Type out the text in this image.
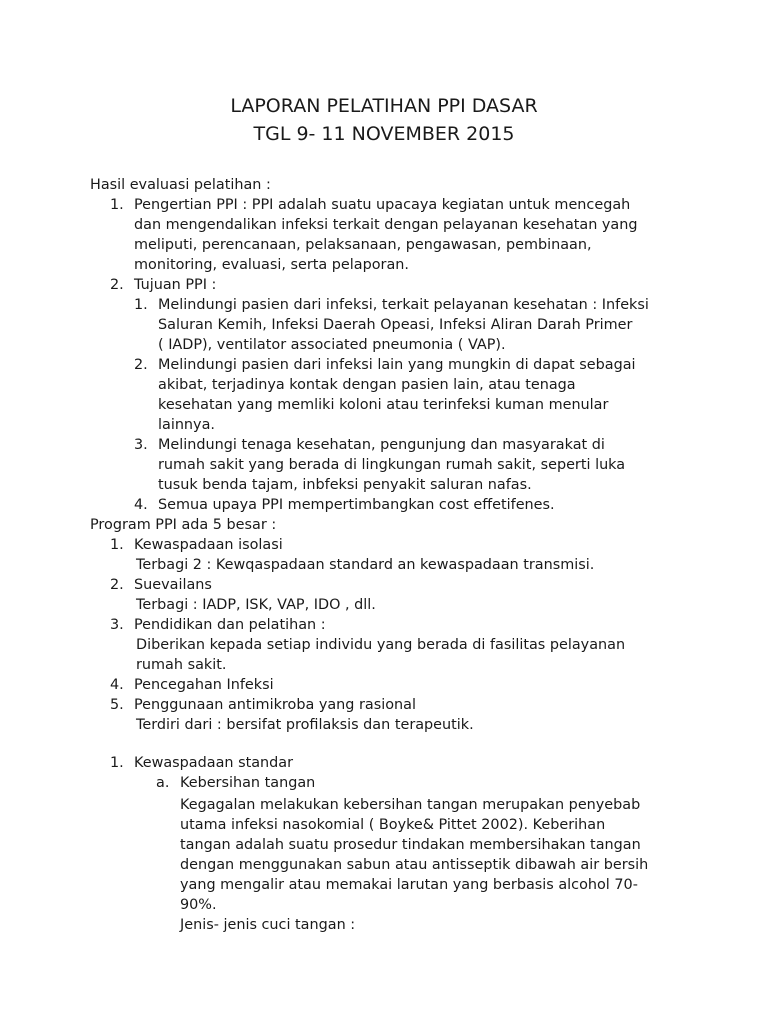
LAPORAN PELATIHAN PPI DASAR
TGL 9- 11 NOVEMBER 2015

Hasil evaluasi pelatihan :

1. Pengertian PPI : PPI adalah suatu upacaya kegiatan untuk mencegah
dan mengendalikan infeksi terkait dengan pelayanan kesehatan yang
meliputi, perencanaan, pelaksanaan, pengawasan, pembinaan,
monitoring, evaluasi, serta pelaporan.
2. Tujuan PPI :
1. Melindungi pasien dari infeksi, terkait pelayanan kesehatan : Infeksi
Saluran Kemih, Infeksi Daerah Opeasi, Infeksi Aliran Darah Primer
( IADP), ventilator associated pneumonia ( VAP).
2. Melindungi pasien dari infeksi lain yang mungkin di dapat sebagai
akibat, terjadinya kontak dengan pasien lain, atau tenaga
kesehatan yang memliki koloni atau terinfeksi kuman menular
lainnya.
3. Melindungi tenaga kesehatan, pengunjung dan masyarakat di
rumah sakit yang berada di lingkungan rumah sakit, seperti luka
tusuk benda tajam, inbfeksi penyakit saluran nafas.
4. Semua upaya PPI mempertimbangkan cost effetifenes.

Program PPI ada 5 besar :

1. Kewaspadaan isolasi
Terbagi 2 : Kewqaspadaan standard an kewaspadaan transmisi.
2. Suevailans
Terbagi : IADP, ISK, VAP, IDO , dll.
3. Pendidikan dan pelatihan :
Diberikan kepada setiap individu yang berada di fasilitas pelayanan
rumah sakit.
4. Pencegahan Infeksi
5. Penggunaan antimikroba yang rasional
Terdiri dari : bersifat profilaksis dan terapeutik.
1. Kewaspadaan standar
a. Kebersihan tangan
Kegagalan melakukan kebersihan tangan merupakan penyebab
utama infeksi nasokomial ( Boyke& Pittet 2002). Keberihan
tangan adalah suatu prosedur tindakan membersihakan tangan
dengan menggunakan sabun atau antisseptik dibawah air bersih
yang mengalir atau memakai larutan yang berbasis alcohol 70-
90%.
Jenis- jenis cuci tangan :
